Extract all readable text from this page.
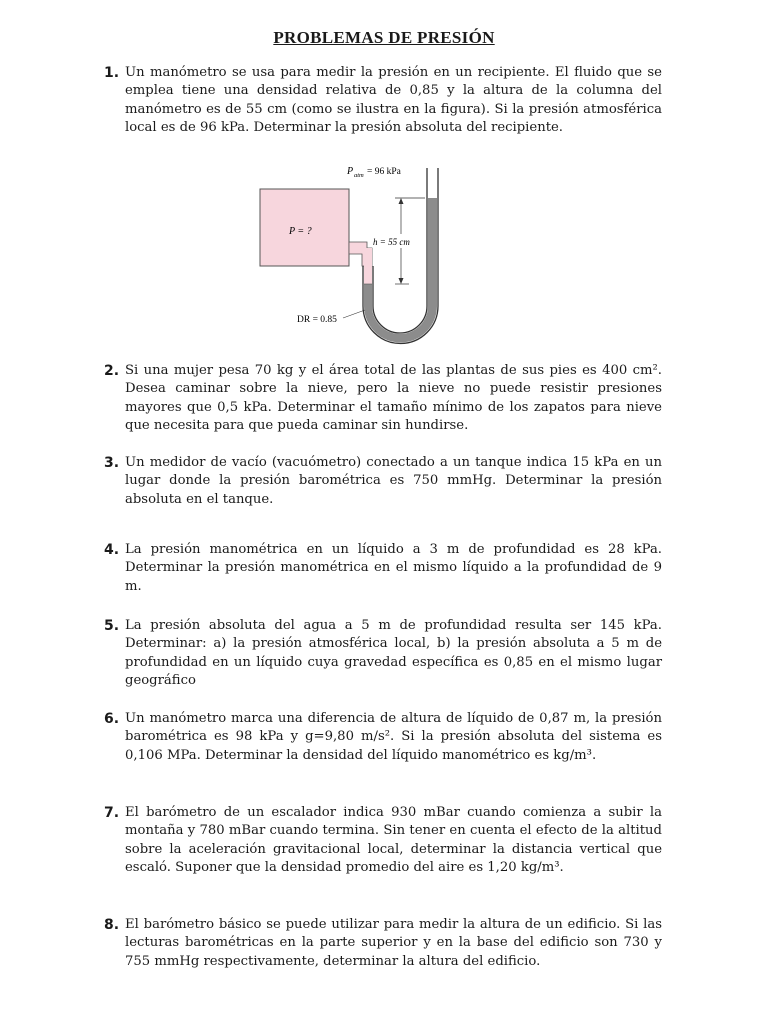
PROBLEMAS DE PRESIÓN
1. Un manómetro se usa para medir la presión en un recipiente. El fluido que se emplea tiene una densidad relativa de 0,85 y la altura de la columna del manómetro es de 55 cm (como se ilustra en la figura). Si la presión atmosférica local es de 96 kPa. Determinar la presión absoluta del recipiente.
P atm = 96 kPa
P = ?
h = 55 cm
DR = 0.85
2. Si una mujer pesa 70 kg y el área total de las plantas de sus pies es 400 cm². Desea caminar sobre la nieve, pero la nieve no puede resistir presiones mayores que 0,5 kPa. Determinar el tamaño mínimo de los zapatos para nieve que necesita para que pueda caminar sin hundirse.
3. Un medidor de vacío (vacuómetro) conectado a un tanque indica 15 kPa en un lugar donde la presión barométrica es 750 mmHg. Determinar la presión absoluta en el tanque.
4. La presión manométrica en un líquido a 3 m de profundidad es 28 kPa. Determinar la presión manométrica en el mismo líquido a la profundidad de 9 m.
5. La presión absoluta del agua a 5 m de profundidad resulta ser 145 kPa. Determinar: a) la presión atmosférica local, b) la presión absoluta a 5 m de profundidad en un líquido cuya gravedad específica es 0,85 en el mismo lugar geográfico
6. Un manómetro marca una diferencia de altura de líquido de 0,87 m, la presión barométrica es 98 kPa y g=9,80 m/s². Si la presión absoluta del sistema es 0,106 MPa. Determinar la densidad del líquido manométrico es kg/m³.
7. El barómetro de un escalador indica 930 mBar cuando comienza a subir la montaña y 780 mBar cuando termina. Sin tener en cuenta el efecto de la altitud sobre la aceleración gravitacional local, determinar la distancia vertical que escaló. Suponer que la densidad promedio del aire es 1,20 kg/m³.
8. El barómetro básico se puede utilizar para medir la altura de un edificio. Si las lecturas barométricas en la parte superior y en la base del edificio son 730 y 755 mmHg respectivamente, determinar la altura del edificio.
